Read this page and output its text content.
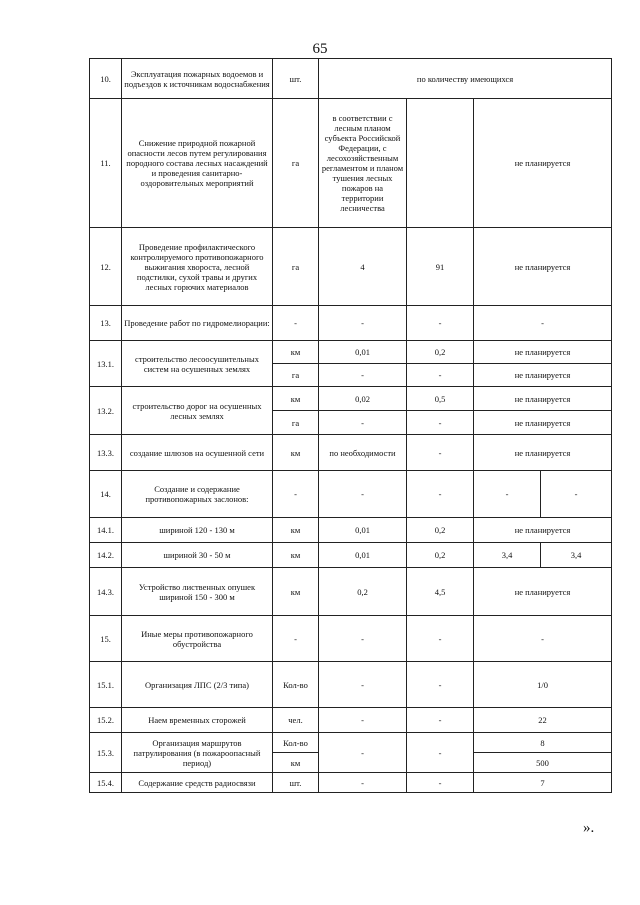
65
10.	Эксплуатация пожарных водоемов и подъездов к источникам водоснабжения	шт.	по количеству имеющихся			
11.	Снижение природной пожарной опасности лесов путем регулирования породного состава лесных насаждений и проведения санитарно-оздоровительных мероприятий	га	в соответствии с лесным планом субъекта Российской Федерации, с лесохозяйственным регламентом и планом тушения лесных пожаров на территории лесничества		не планируется	
12.	Проведение профилактического контролируемого противопожарного выжигания хвороста, лесной подстилки, сухой травы и других лесных горючих материалов	га	4	91	не планируется	
13.	Проведение работ по гидромелиорации:	-	-	-	-	
13.1.	строительство лесоосушительных систем на осушенных землях	км	0,01	0,2	не планируется	
		га	-	-	не планируется	
13.2.	строительство дорог на осушенных лесных землях	км	0,02	0,5	не планируется	
		га	-	-	не планируется	
13.3.	создание шлюзов на осушенной сети	км	по необходимости	-	не планируется	
14.	Создание и содержание противопожарных заслонов:	-	-	-	-	-
14.1.	шириной 120 - 130 м	км	0,01	0,2	не планируется	
14.2.	шириной 30 - 50 м	км	0,01	0,2	3,4	3,4
14.3.	Устройство лиственных опушек шириной 150 - 300 м	км	0,2	4,5	не планируется	
15.	Иные меры противопожарного обустройства	-	-	-	-	
15.1.	Организация ЛПС (2/3 типа)	Кол-во	-	-	1/0	
15.2.	Наем временных сторожей	чел.	-	-	22	
15.3.	Организация маршрутов патрулирования (в пожароопасный период)	Кол-во	-	-	8	
		км			500	
15.4.	Содержание средств радиосвязи	шт.	-	-	7	
».
